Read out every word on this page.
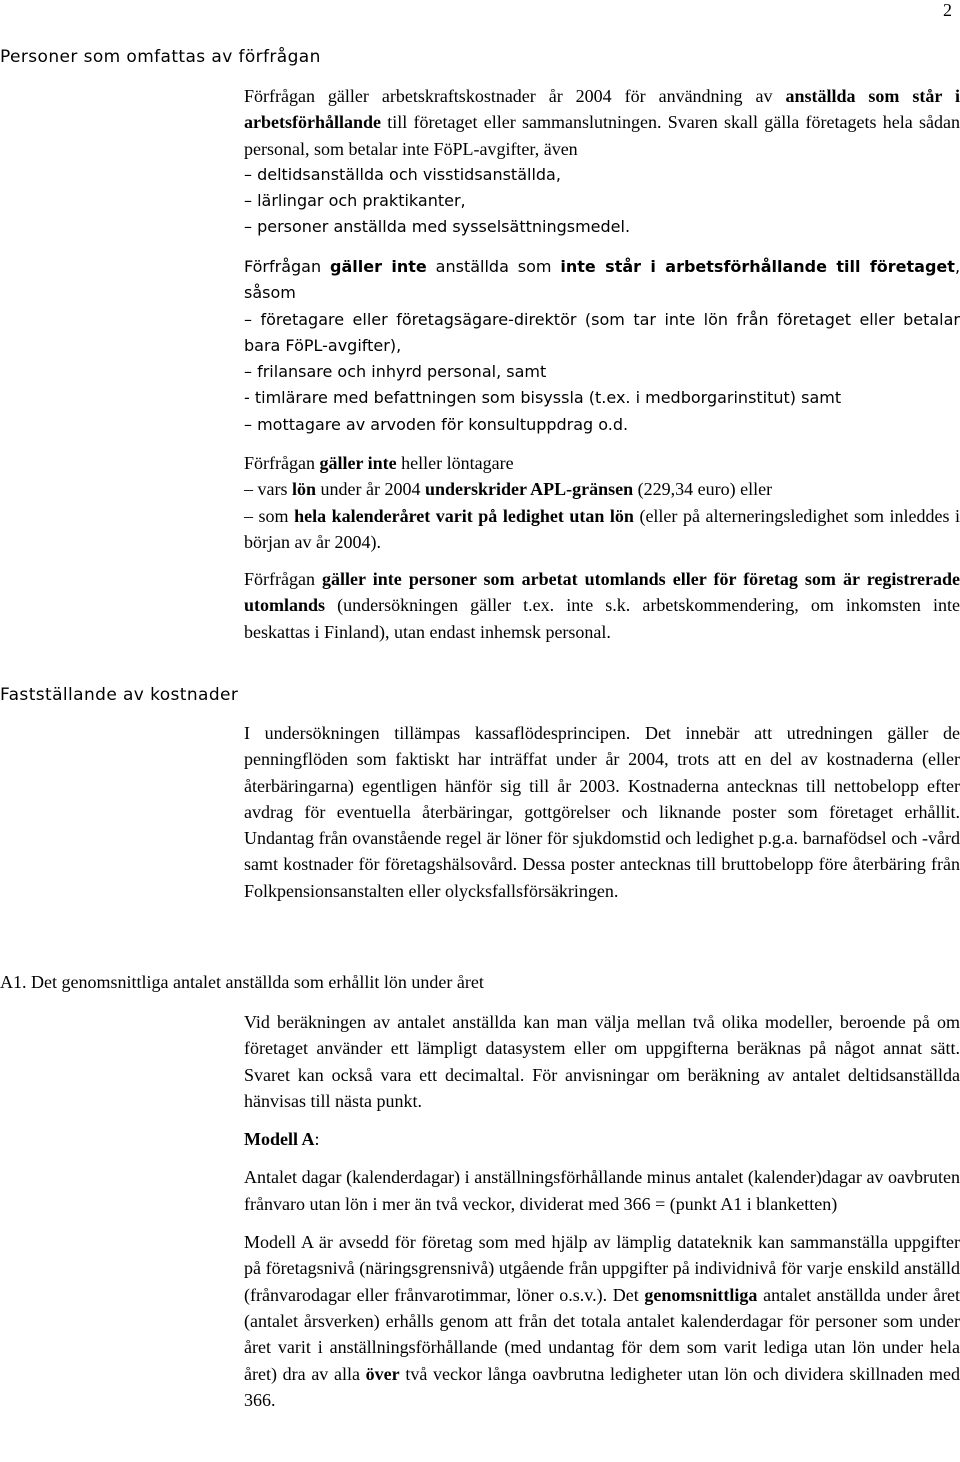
2
Personer som omfattas av förfrågan

Förfrågan gäller arbetskraftskostnader år 2004 för användning av anställda som står i arbetsförhållande till företaget eller sammanslutningen. Svaren skall gälla företagets hela sådan personal, som betalar inte FöPL-avgifter, även

– deltidsanställda och visstidsanställda,
– lärlingar och praktikanter,
– personer anställda med sysselsättningsmedel.

Förfrågan gäller inte anställda som inte står i arbetsförhållande till företaget, såsom

– företagare eller företagsägare-direktör (som tar inte lön från företaget eller betalar bara FöPL-avgifter),
– frilansare och inhyrd personal, samt
- timlärare med befattningen som bisyssla (t.ex. i medborgarinstitut) samt
– mottagare av arvoden för konsultuppdrag o.d.

Förfrågan gäller inte heller löntagare

– vars lön under år 2004 underskrider APL-gränsen (229,34 euro) eller

– som hela kalenderåret varit på ledighet utan lön (eller på alterneringsledighet som inleddes i början av år 2004).

Förfrågan gäller inte personer som arbetat utomlands eller för företag som är registrerade utomlands (undersökningen gäller t.ex. inte s.k. arbetskommendering, om inkomsten inte beskattas i Finland), utan endast inhemsk personal.

Fastställande av kostnader

I undersökningen tillämpas kassaflödesprincipen. Det innebär att utredningen gäller de penningflöden som faktiskt har inträffat under år 2004, trots att en del av kostnaderna (eller återbäringarna) egentligen hänför sig till år 2003. Kostnaderna antecknas till nettobelopp efter avdrag för eventuella återbäringar, gottgörelser och liknande poster som företaget erhållit. Undantag från ovanstående regel är löner för sjukdomstid och ledighet p.g.a. barnafödsel och -vård samt kostnader för företagshälsovård. Dessa poster antecknas till bruttobelopp före återbäring från Folkpensionsanstalten eller olycksfallsförsäkringen.

A1. Det genomsnittliga antalet anställda som erhållit lön under året

Vid beräkningen av antalet anställda kan man välja mellan två olika modeller, beroende på om företaget använder ett lämpligt datasystem eller om uppgifterna beräknas på något annat sätt. Svaret kan också vara ett decimaltal. För anvisningar om beräkning av antalet deltidsanställda hänvisas till nästa punkt.

Modell A:

Antalet dagar (kalenderdagar) i anställningsförhållande minus antalet (kalender)dagar av oavbruten frånvaro utan lön i mer än två veckor, dividerat med 366 = (punkt A1 i blanketten)

Modell A är avsedd för företag som med hjälp av lämplig datateknik kan sammanställa uppgifter på företagsnivå (näringsgrensnivå) utgående från uppgifter på individnivå för varje enskild anställd (frånvarodagar eller frånvarotimmar, löner o.s.v.). Det genomsnittliga antalet anställda under året (antalet årsverken) erhålls genom att från det totala antalet kalenderdagar för personer som under året varit i anställningsförhållande (med undantag för dem som varit lediga utan lön under hela året) dra av alla över två veckor långa oavbrutna ledigheter utan lön och dividera skillnaden med 366.
